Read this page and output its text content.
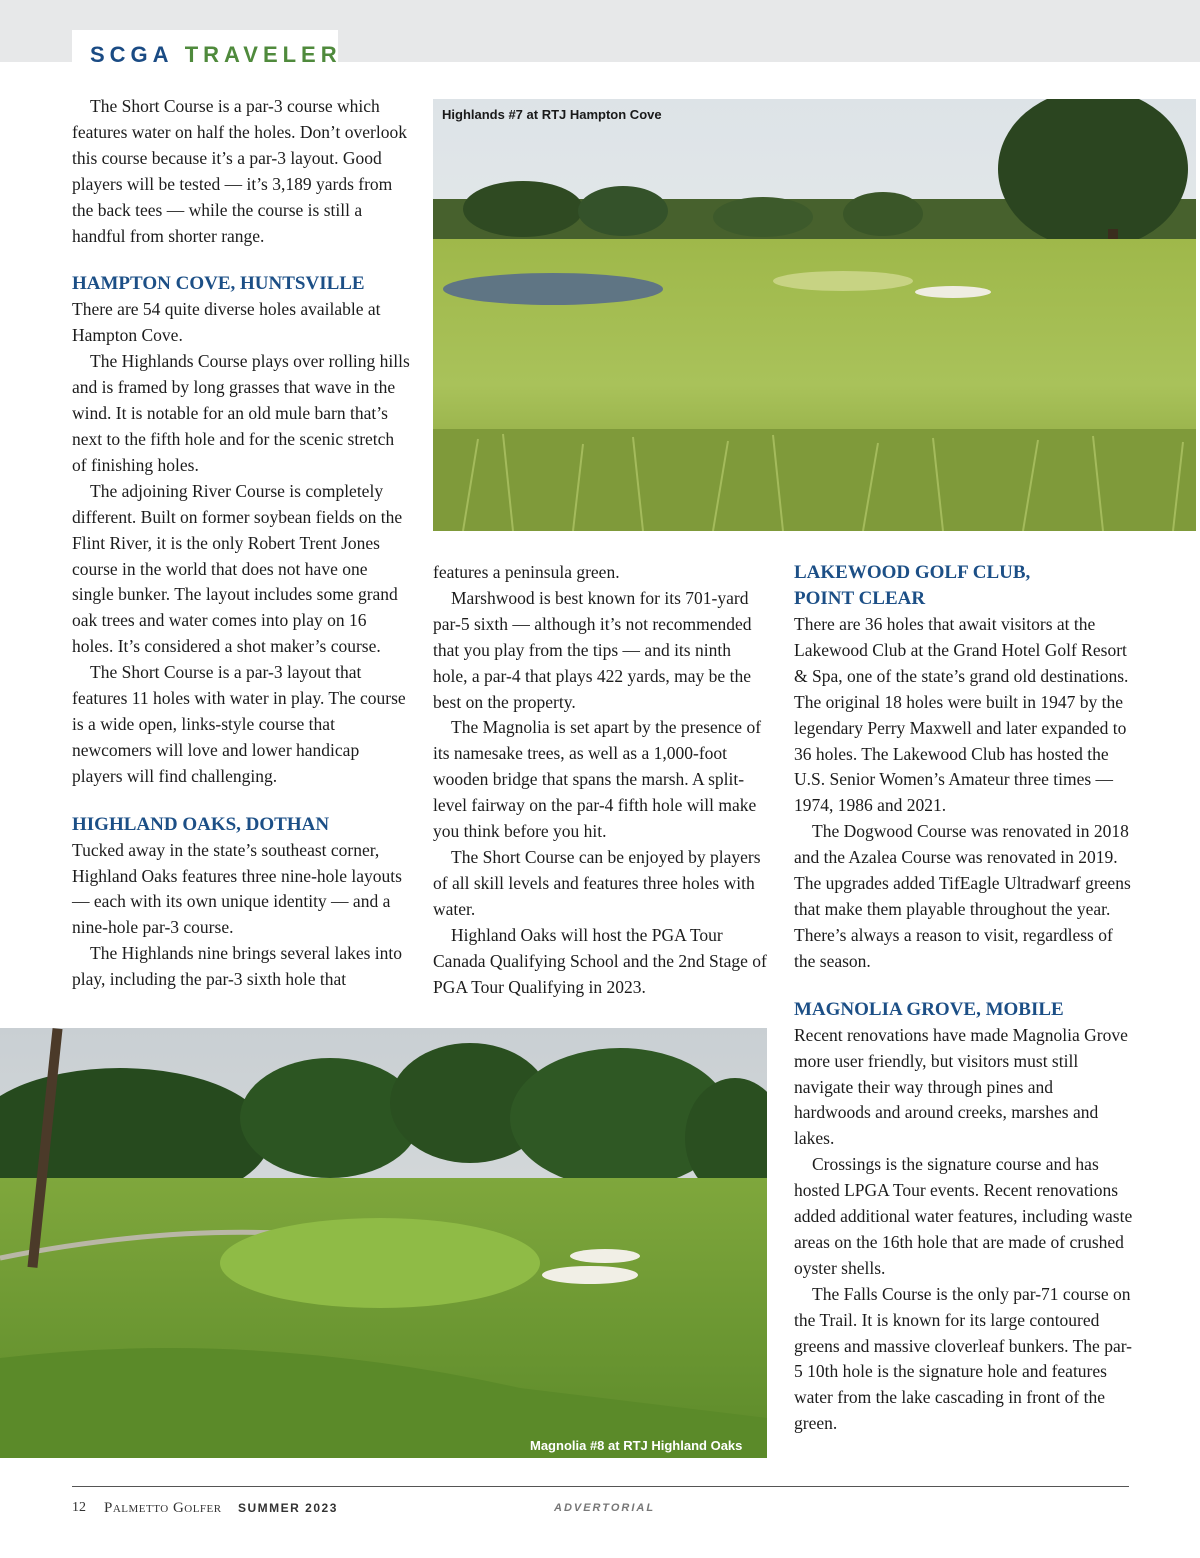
SCGA TRAVELER

The Short Course is a par-3 course which features water on half the holes. Don’t overlook this course because it’s a par-3 layout. Good players will be tested — it’s 3,189 yards from the back tees — while the course is still a handful from shorter range.

HAMPTON COVE, HUNTSVILLE

There are 54 quite diverse holes available at Hampton Cove.

The Highlands Course plays over rolling hills and is framed by long grasses that wave in the wind. It is notable for an old mule barn that’s next to the fifth hole and for the scenic stretch of finishing holes.

The adjoining River Course is completely different. Built on former soybean fields on the Flint River, it is the only Robert Trent Jones course in the world that does not have one single bunker. The layout includes some grand oak trees and water comes into play on 16 holes. It’s considered a shot maker’s course.

The Short Course is a par-3 layout that features 11 holes with water in play. The course is a wide open, links-style course that newcomers will love and lower handicap players will find challenging.

HIGHLAND OAKS, DOTHAN

Tucked away in the state’s southeast corner, Highland Oaks features three nine-hole layouts — each with its own unique identity — and a nine-hole par-3 course.

The Highlands nine brings several lakes into play, including the par-3 sixth hole that

Highlands #7 at RTJ Hampton Cove

features a peninsula green.

Marshwood is best known for its 701-yard par-5 sixth — although it’s not recommended that you play from the tips — and its ninth hole, a par-4 that plays 422 yards, may be the best on the property.

The Magnolia is set apart by the presence of its namesake trees, as well as a 1,000-foot wooden bridge that spans the marsh. A split-level fairway on the par-4 fifth hole will make you think before you hit.

The Short Course can be enjoyed by players of all skill levels and features three holes with water.

Highland Oaks will host the PGA Tour Canada Qualifying School and the 2nd Stage of PGA Tour Qualifying in 2023.

LAKEWOOD GOLF CLUB,
POINT CLEAR

There are 36 holes that await visitors at the Lakewood Club at the Grand Hotel Golf Resort & Spa, one of the state’s grand old destinations. The original 18 holes were built in 1947 by the legendary Perry Maxwell and later expanded to 36 holes. The Lakewood Club has hosted the U.S. Senior Women’s Amateur three times — 1974, 1986 and 2021.

The Dogwood Course was renovated in 2018 and the Azalea Course was renovated in 2019. The upgrades added TifEagle Ultradwarf greens that make them playable throughout the year. There’s always a reason to visit, regardless of the season.

MAGNOLIA GROVE, MOBILE

Recent renovations have made Magnolia Grove more user friendly, but visitors must still navigate their way through pines and hardwoods and around creeks, marshes and lakes.

Crossings is the signature course and has hosted LPGA Tour events. Recent renovations added additional water features, including waste areas on the 16th hole that are made of crushed oyster shells.

The Falls Course is the only par-71 course on the Trail. It is known for its large contoured greens and massive cloverleaf bunkers. The par-5 10th hole is the signature hole and features water from the lake cascading in front of the green.

Magnolia #8 at RTJ Highland Oaks
12 Palmetto Golfer SUMMER 2023	ADVERTORIAL
